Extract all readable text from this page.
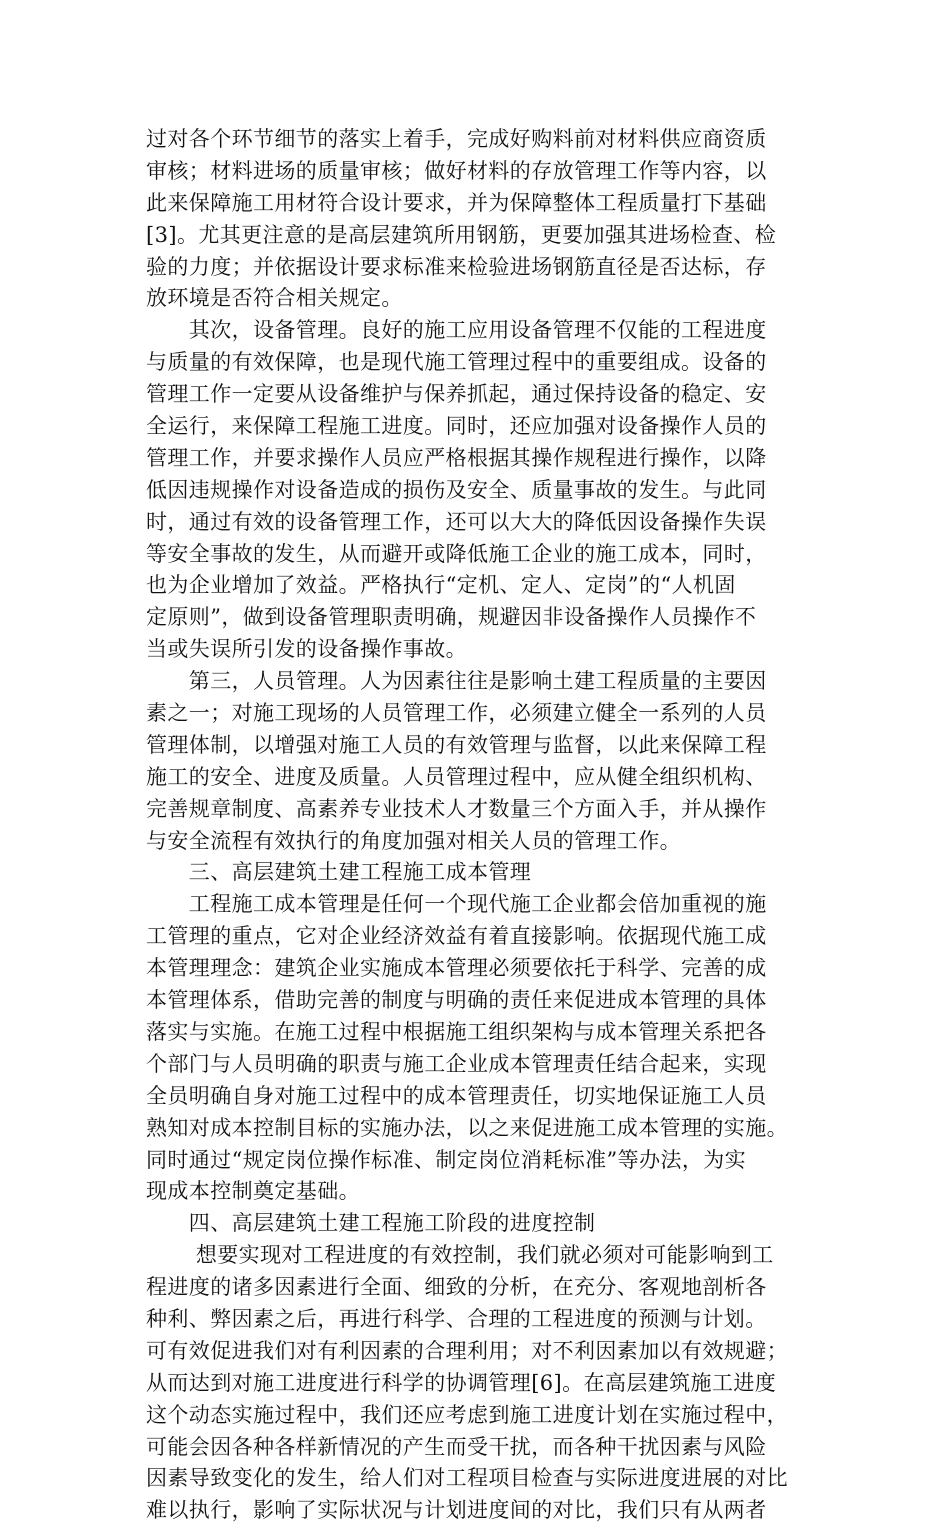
过对各个环节细节的落实上着手，完成好购料前对材料供应商资质
审核；材料进场的质量审核；做好材料的存放管理工作等内容，以
此来保障施工用材符合设计要求，并为保障整体工程质量打下基础
[3]。尤其更注意的是高层建筑所用钢筋，更要加强其进场检查、检
验的力度；并依据设计要求标准来检验进场钢筋直径是否达标，存
放环境是否符合相关规定。
　　其次，设备管理。良好的施工应用设备管理不仅能的工程进度
与质量的有效保障，也是现代施工管理过程中的重要组成。设备的
管理工作一定要从设备维护与保养抓起，通过保持设备的稳定、安
全运行，来保障工程施工进度。同时，还应加强对设备操作人员的
管理工作，并要求操作人员应严格根据其操作规程进行操作，以降
低因违规操作对设备造成的损伤及安全、质量事故的发生。与此同
时，通过有效的设备管理工作，还可以大大的降低因设备操作失误
等安全事故的发生，从而避开或降低施工企业的施工成本，同时，
也为企业增加了效益。严格执行“定机、定人、定岗”的“人机固
定原则”，做到设备管理职责明确，规避因非设备操作人员操作不
当或失误所引发的设备操作事故。
　　第三，人员管理。人为因素往往是影响土建工程质量的主要因
素之一；对施工现场的人员管理工作，必须建立健全一系列的人员
管理体制，以增强对施工人员的有效管理与监督，以此来保障工程
施工的安全、进度及质量。人员管理过程中，应从健全组织机构、
完善规章制度、高素养专业技术人才数量三个方面入手，并从操作
与安全流程有效执行的角度加强对相关人员的管理工作。
　　三、高层建筑土建工程施工成本管理
　　工程施工成本管理是任何一个现代施工企业都会倍加重视的施
工管理的重点，它对企业经济效益有着直接影响。依据现代施工成
本管理理念：建筑企业实施成本管理必须要依托于科学、完善的成
本管理体系，借助完善的制度与明确的责任来促进成本管理的具体
落实与实施。在施工过程中根据施工组织架构与成本管理关系把各
个部门与人员明确的职责与施工企业成本管理责任结合起来，实现
全员明确自身对施工过程中的成本管理责任，切实地保证施工人员
熟知对成本控制目标的实施办法，以之来促进施工成本管理的实施。
同时通过“规定岗位操作标准、制定岗位消耗标准”等办法，为实
现成本控制奠定基础。
　　四、高层建筑土建工程施工阶段的进度控制
　　 想要实现对工程进度的有效控制，我们就必须对可能影响到工
程进度的诸多因素进行全面、细致的分析，在充分、客观地剖析各
种利、弊因素之后，再进行科学、合理的工程进度的预测与计划。
可有效促进我们对有利因素的合理利用；对不利因素加以有效规避；
从而达到对施工进度进行科学的协调管理[6]。在高层建筑施工进度
这个动态实施过程中，我们还应考虑到施工进度计划在实施过程中，
可能会因各种各样新情况的产生而受干扰，而各种干扰因素与风险
因素导致变化的发生，给人们对工程项目检查与实际进度进展的对比
难以执行，影响了实际状况与计划进度间的对比，我们只有从两者
